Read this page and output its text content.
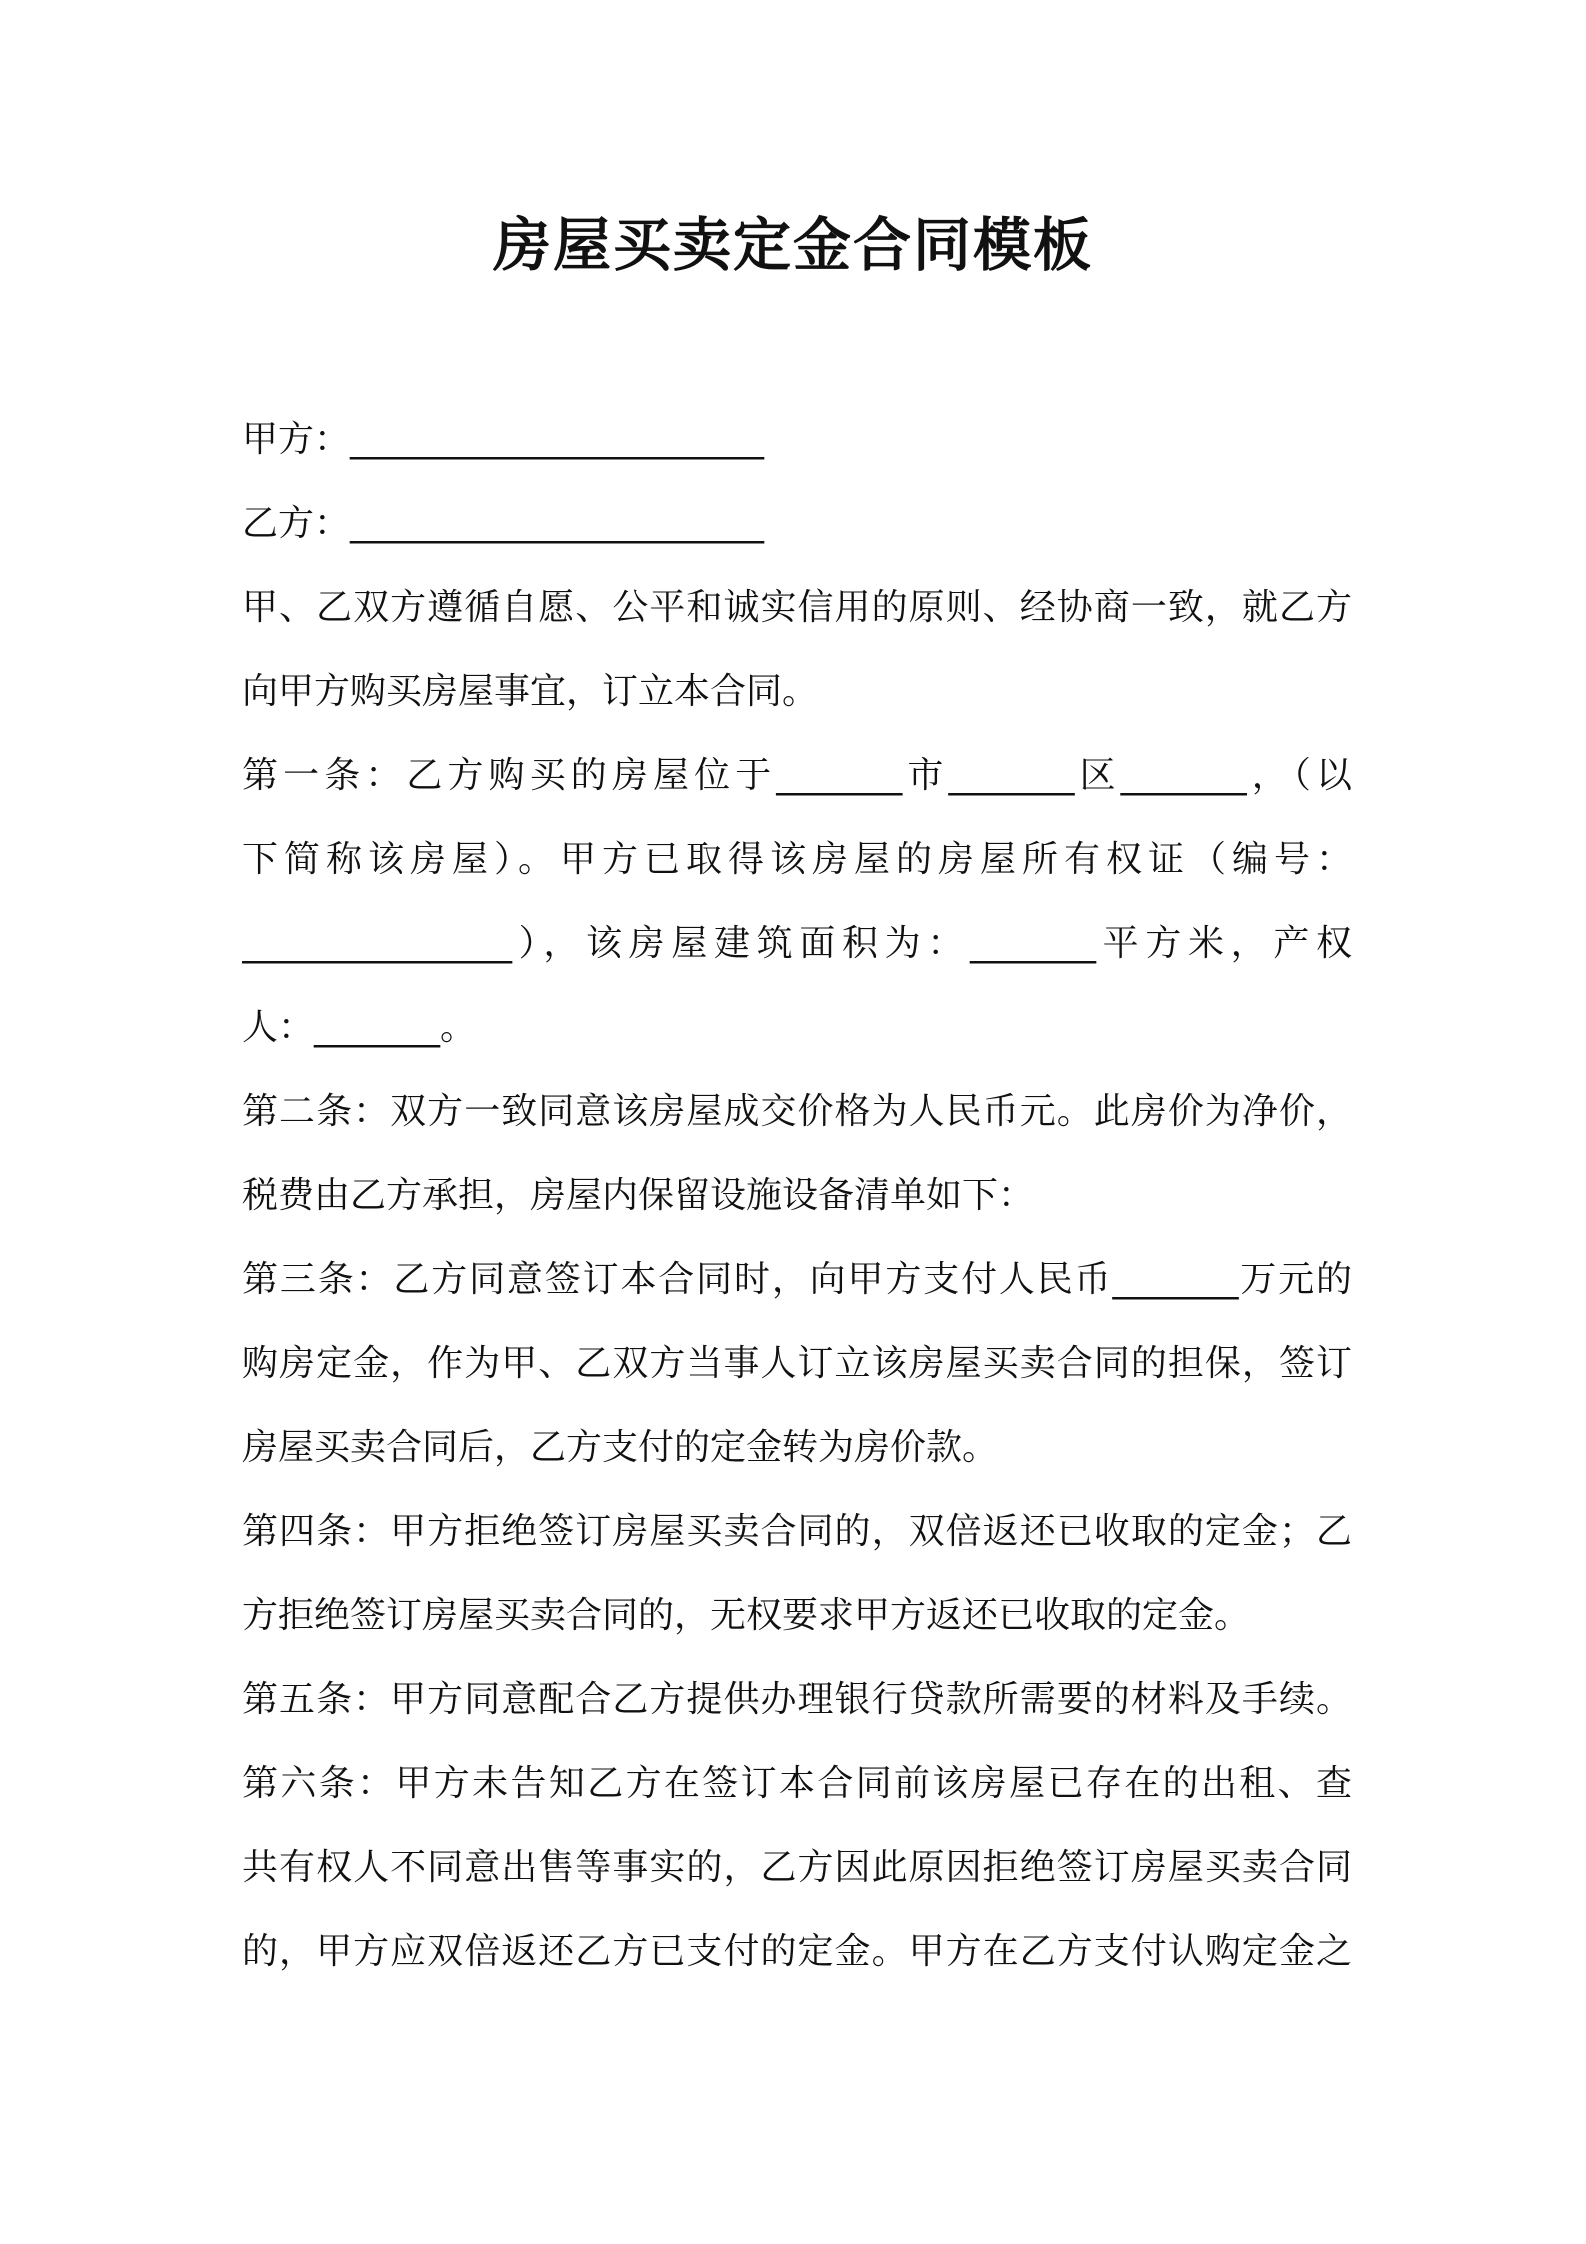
房屋买卖定金合同模板
甲方：_______________________
乙方：_______________________
甲、乙双方遵循自愿、公平和诚实信用的原则、经协商一致，就乙方
向甲方购买房屋事宜，订立本合同。
第一条：乙方购买的房屋位于_______市_______区_______，（以
下简称该房屋）。甲方已取得该房屋的房屋所有权证（编号：
_______________），该房屋建筑面积为：_______平方米，产权
人：_______。
第二条：双方一致同意该房屋成交价格为人民币元。此房价为净价，
税费由乙方承担，房屋内保留设施设备清单如下：
第三条：乙方同意签订本合同时，向甲方支付人民币_______万元的
购房定金，作为甲、乙双方当事人订立该房屋买卖合同的担保，签订
房屋买卖合同后，乙方支付的定金转为房价款。
第四条：甲方拒绝签订房屋买卖合同的，双倍返还已收取的定金；乙
方拒绝签订房屋买卖合同的，无权要求甲方返还已收取的定金。
第五条：甲方同意配合乙方提供办理银行贷款所需要的材料及手续。
第六条：甲方未告知乙方在签订本合同前该房屋已存在的出租、查
共有权人不同意出售等事实的，乙方因此原因拒绝签订房屋买卖合同
的，甲方应双倍返还乙方已支付的定金。甲方在乙方支付认购定金之
